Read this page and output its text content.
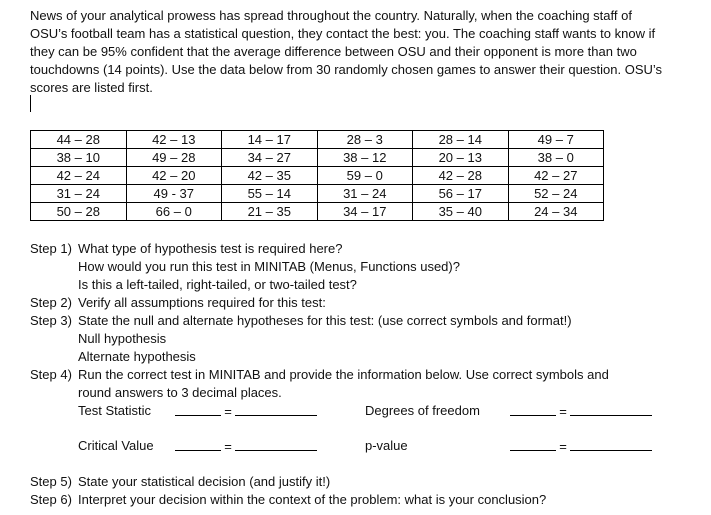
News of your analytical prowess has spread throughout the country. Naturally, when the coaching staff of OSU’s football team has a statistical question, they contact the best: you. The coaching staff wants to know if they can be 95% confident that the average difference between OSU and their opponent is more than two touchdowns (14 points). Use the data below from 30 randomly chosen games to answer their question. OSU’s scores are listed first.
44 – 28	42 – 13	14 – 17	28 – 3	28 – 14	49 – 7
38 – 10	49 – 28	34 – 27	38 – 12	20 – 13	38 – 0
42 – 24	42 – 20	42 – 35	59 – 0	42 – 28	42 – 27
31 – 24	49 - 37	55 – 14	31 – 24	56 – 17	52 – 24
50 – 28	66 – 0	21 – 35	34 – 17	35 – 40	24 – 34
Step 1) What type of hypothesis test is required here?
How would you run this test in MINITAB (Menus, Functions used)?
Is this a left-tailed, right-tailed, or two-tailed test?
Step 2) Verify all assumptions required for this test:
Step 3) State the null and alternate hypotheses for this test: (use correct symbols and format!)
Null hypothesis
Alternate hypothesis
Step 4) Run the correct test in MINITAB and provide the information below. Use correct symbols and
round answers to 3 decimal places.
Test Statistic	=	Degrees of freedom	=
Critical Value	=	p-value	=
Step 5) State your statistical decision (and justify it!)
Step 6) Interpret your decision within the context of the problem: what is your conclusion?
